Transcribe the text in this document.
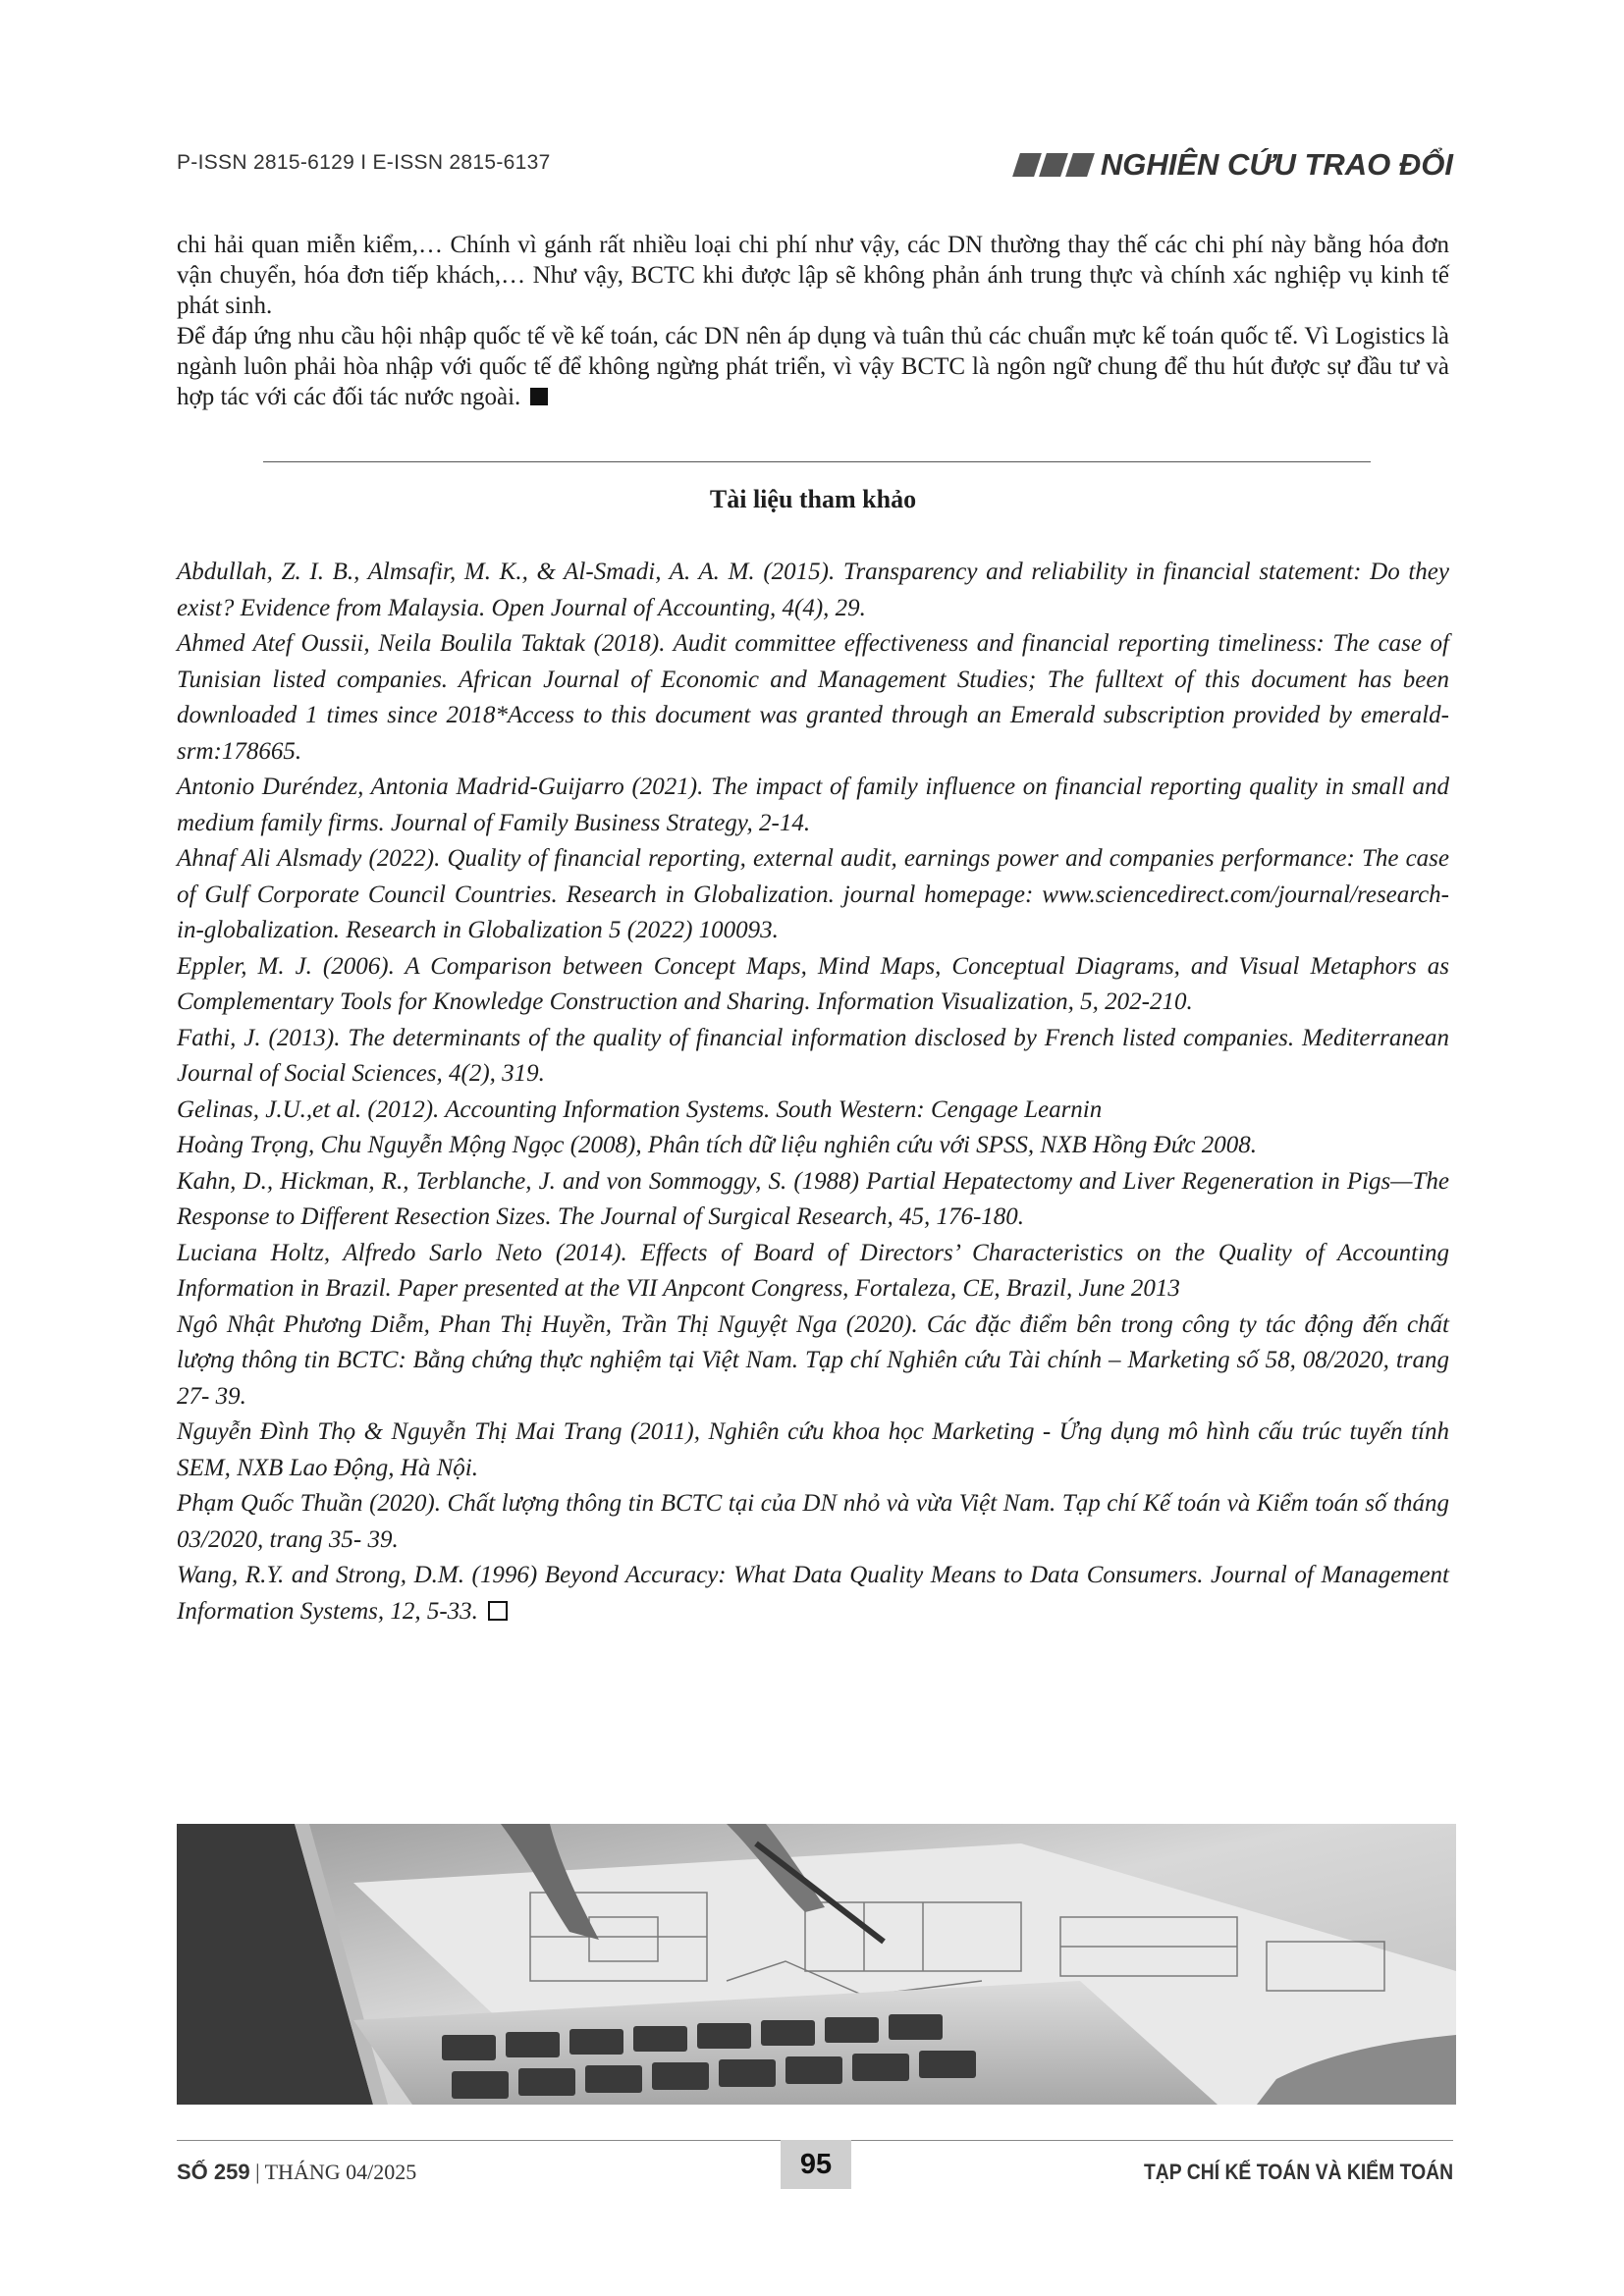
P-ISSN 2815-6129 I E-ISSN 2815-6137	NGHIÊN CỨU TRAO ĐỔI

chi hải quan miễn kiểm,… Chính vì gánh rất nhiều loại chi phí như vậy, các DN thường thay thế các chi phí này bằng hóa đơn vận chuyển, hóa đơn tiếp khách,… Như vậy, BCTC khi được lập sẽ không phản ánh trung thực và chính xác nghiệp vụ kinh tế phát sinh.

Để đáp ứng nhu cầu hội nhập quốc tế về kế toán, các DN nên áp dụng và tuân thủ các chuẩn mực kế toán quốc tế. Vì Logistics là ngành luôn phải hòa nhập với quốc tế để không ngừng phát triển, vì vậy BCTC là ngôn ngữ chung để thu hút được sự đầu tư và hợp tác với các đối tác nước ngoài.

Tài liệu tham khảo

Abdullah, Z. I. B., Almsafir, M. K., & Al-Smadi, A. A. M. (2015). Transparency and reliability in financial statement: Do they exist? Evidence from Malaysia. Open Journal of Accounting, 4(4), 29.

Ahmed Atef Oussii, Neila Boulila Taktak (2018). Audit committee effectiveness and financial reporting timeliness: The case of Tunisian listed companies. African Journal of Economic and Management Studies; The fulltext of this document has been downloaded 1 times since 2018*Access to this document was granted through an Emerald subscription provided by emerald-srm:178665.

Antonio Duréndez, Antonia Madrid-Guijarro (2021). The impact of family influence on financial reporting quality in small and medium family firms. Journal of Family Business Strategy, 2-14.

Ahnaf Ali Alsmady (2022). Quality of financial reporting, external audit, earnings power and companies performance: The case of Gulf Corporate Council Countries. Research in Globalization. journal homepage: www.sciencedirect.com/journal/research-in-globalization. Research in Globalization 5 (2022) 100093.

Eppler, M. J. (2006). A Comparison between Concept Maps, Mind Maps, Conceptual Diagrams, and Visual Metaphors as Complementary Tools for Knowledge Construction and Sharing. Information Visualization, 5, 202-210.

Fathi, J. (2013). The determinants of the quality of financial information disclosed by French listed companies. Mediterranean Journal of Social Sciences, 4(2), 319.

Gelinas, J.U.,et al. (2012). Accounting Information Systems. South Western: Cengage Learnin

Hoàng Trọng, Chu Nguyễn Mộng Ngọc (2008), Phân tích dữ liệu nghiên cứu với SPSS, NXB Hồng Đức 2008.

Kahn, D., Hickman, R., Terblanche, J. and von Sommoggy, S. (1988) Partial Hepatectomy and Liver Regeneration in Pigs—The Response to Different Resection Sizes. The Journal of Surgical Research, 45, 176-180.

Luciana Holtz, Alfredo Sarlo Neto (2014). Effects of Board of Directors’ Characteristics on the Quality of Accounting Information in Brazil. Paper presented at the VII Anpcont Congress, Fortaleza, CE, Brazil, June 2013

Ngô Nhật Phương Diễm, Phan Thị Huyền, Trần Thị Nguyệt Nga (2020). Các đặc điểm bên trong công ty tác động đến chất lượng thông tin BCTC: Bằng chứng thực nghiệm tại Việt Nam. Tạp chí Nghiên cứu Tài chính – Marketing số 58, 08/2020, trang 27- 39.

Nguyễn Đình Thọ & Nguyễn Thị Mai Trang (2011), Nghiên cứu khoa học Marketing - Ứng dụng mô hình cấu trúc tuyến tính SEM, NXB Lao Động, Hà Nội.

Phạm Quốc Thuần (2020). Chất lượng thông tin BCTC tại của DN nhỏ và vừa Việt Nam. Tạp chí Kế toán và Kiểm toán số tháng 03/2020, trang 35- 39.

Wang, R.Y. and Strong, D.M. (1996) Beyond Accuracy: What Data Quality Means to Data Consumers. Journal of Management Information Systems, 12, 5-33.

SỐ 259 | THÁNG 04/2025	95	TẠP CHÍ KẾ TOÁN VÀ KIỂM TOÁN
